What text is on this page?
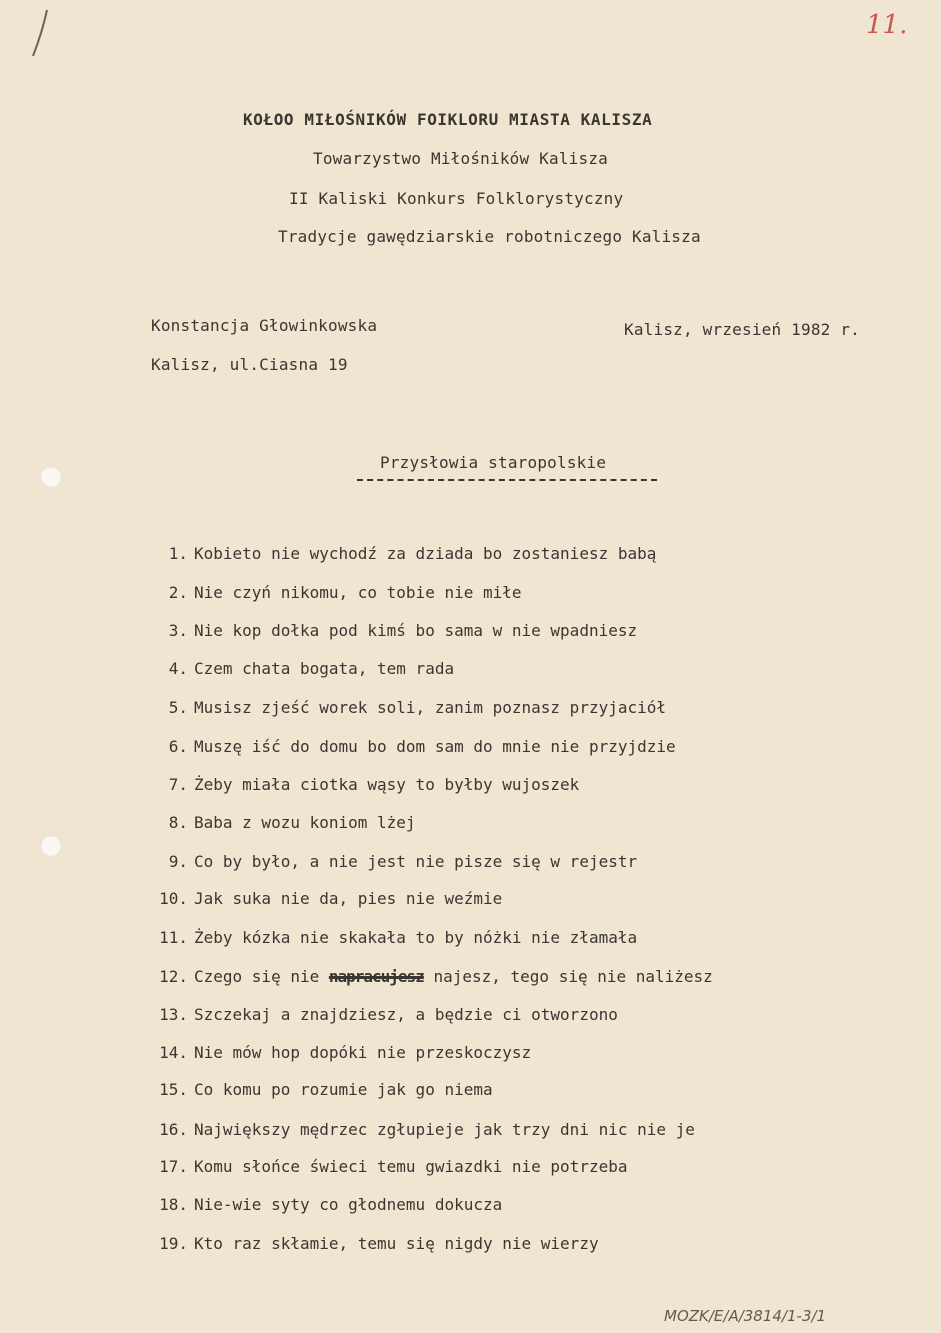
11.
KOŁOO MIŁOŚNIKÓW FOIKLORU MIASTA KALISZA
Towarzystwo Miłośników Kalisza
II Kaliski Konkurs Folklorystyczny
Tradycje gawędziarskie robotniczego Kalisza
Konstancja Głowinkowska
Kalisz, ul.Ciasna 19
Kalisz, wrzesień 1982 r.
Przysłowia staropolskie
1. Kobieto nie wychodź za dziada bo zostaniesz babą
2. Nie czyń nikomu, co tobie nie miłe
3. Nie kop dołka pod kimś bo sama w nie wpadniesz
4. Czem chata bogata, tem rada
5. Musisz zjeść worek soli, zanim poznasz przyjaciół
6. Muszę iść do domu bo dom sam do mnie nie przyjdzie
7. Żeby miała ciotka wąsy to byłby wujoszek
8. Baba z wozu koniom lżej
9. Co by było, a nie jest nie pisze się w rejestr
10. Jak suka nie da, pies nie weźmie
11. Żeby kózka nie skakała to by nóżki nie złamała
12. Czego się nie napracujesz najesz, tego się nie naliżesz
13. Szczekaj a znajdziesz, a będzie ci otworzono
14. Nie mów hop dopóki nie przeskoczysz
15. Co komu po rozumie jak go niema
16. Największy mędrzec zgłupieje jak trzy dni nic nie je
17. Komu słońce świeci temu gwiazdki nie potrzeba
18. Nie-wie syty co głodnemu dokucza
19. Kto raz skłamie, temu się nigdy nie wierzy
MOZK/E/A/3814/1-3/1
